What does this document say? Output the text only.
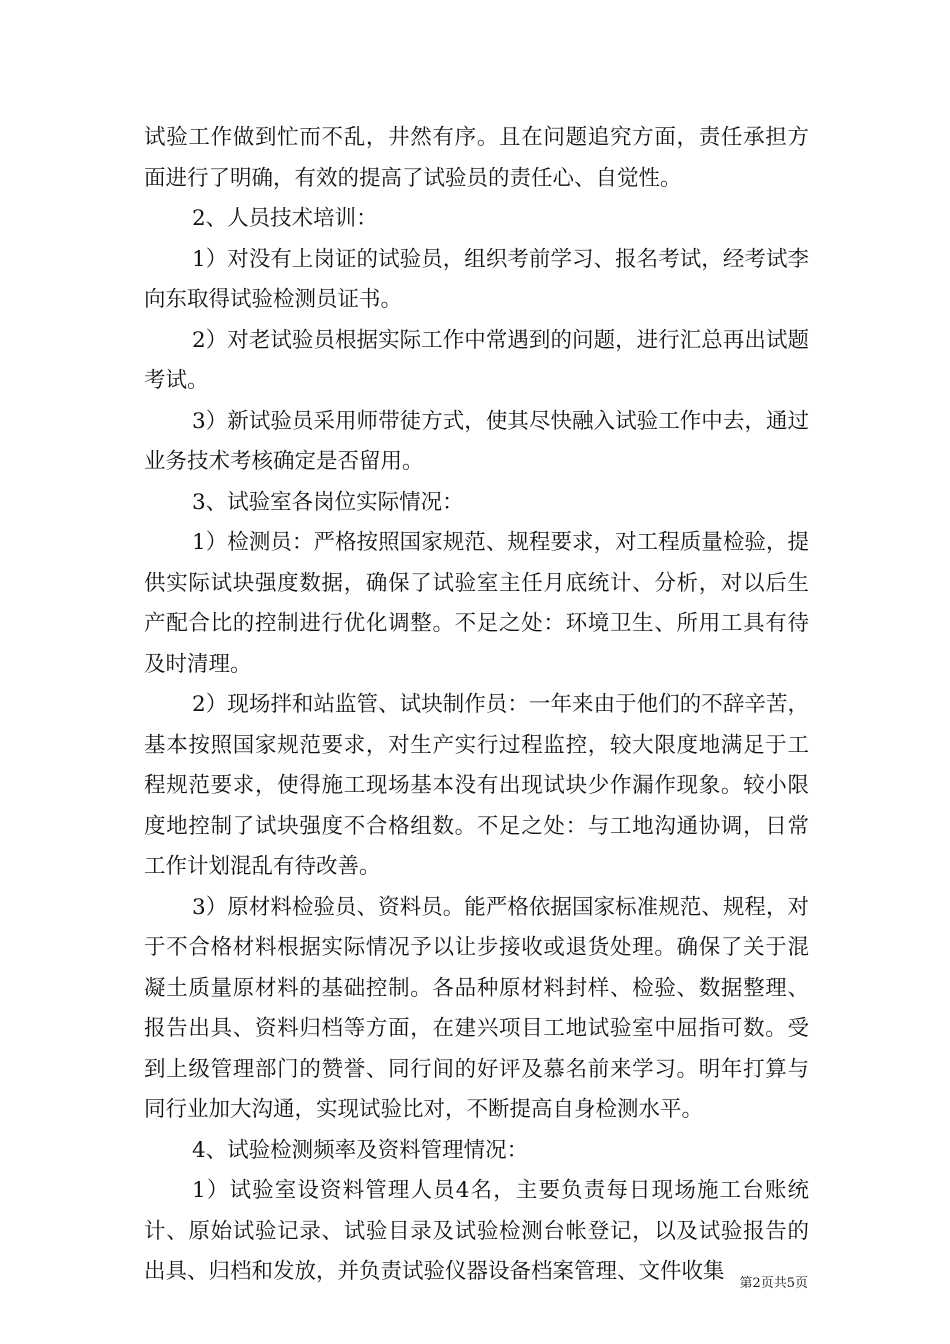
试验工作做到忙而不乱，井然有序。且在问题追究方面，责任承担方面进行了明确，有效的提高了试验员的责任心、自觉性。

2、人员技术培训：

1）对没有上岗证的试验员，组织考前学习、报名考试，经考试李向东取得试验检测员证书。

2）对老试验员根据实际工作中常遇到的问题，进行汇总再出试题考试。

3）新试验员采用师带徒方式，使其尽快融入试验工作中去，通过业务技术考核确定是否留用。

3、试验室各岗位实际情况：

1）检测员：严格按照国家规范、规程要求，对工程质量检验，提供实际试块强度数据，确保了试验室主任月底统计、分析，对以后生产配合比的控制进行优化调整。不足之处：环境卫生、所用工具有待及时清理。

2）现场拌和站监管、试块制作员：一年来由于他们的不辞辛苦，基本按照国家规范要求，对生产实行过程监控，较大限度地满足于工程规范要求，使得施工现场基本没有出现试块少作漏作现象。较小限度地控制了试块强度不合格组数。不足之处：与工地沟通协调，日常工作计划混乱有待改善。

3）原材料检验员、资料员。能严格依据国家标准规范、规程，对于不合格材料根据实际情况予以让步接收或退货处理。确保了关于混凝土质量原材料的基础控制。各品种原材料封样、检验、数据整理、报告出具、资料归档等方面，在建兴项目工地试验室中屈指可数。受到上级管理部门的赞誉、同行间的好评及慕名前来学习。明年打算与同行业加大沟通，实现试验比对，不断提高自身检测水平。

4、试验检测频率及资料管理情况：

1）试验室设资料管理人员4名，主要负责每日现场施工台账统计、原始试验记录、试验目录及试验检测台帐登记，以及试验报告的出具、归档和发放，并负责试验仪器设备档案管理、文件收集	第2页共5页
